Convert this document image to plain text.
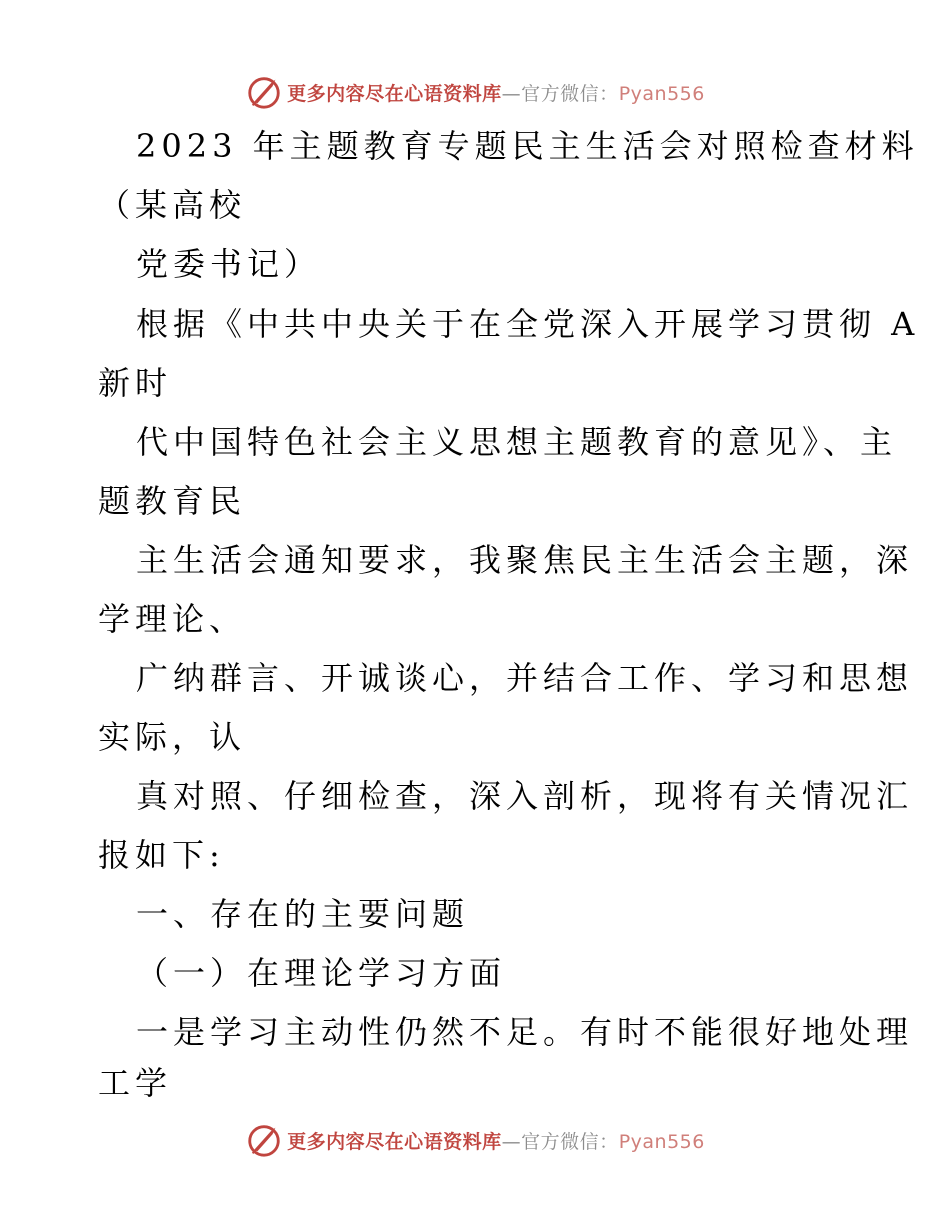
更多内容尽在心语资料库—官方微信：Pyan556

2023 年主题教育专题民主生活会对照检查材料

（某高校

党委书记）

根据《中共中央关于在全党深入开展学习贯彻 A

新时

代中国特色社会主义思想主题教育的意见》、主

题教育民

主生活会通知要求，我聚焦民主生活会主题，深

学理论、

广纳群言、开诚谈心，并结合工作、学习和思想

实际，认

真对照、仔细检查，深入剖析，现将有关情况汇

报如下:

一、存在的主要问题

（一）在理论学习方面

一是学习主动性仍然不足。有时不能很好地处理

工学

更多内容尽在心语资料库—官方微信：Pyan556
